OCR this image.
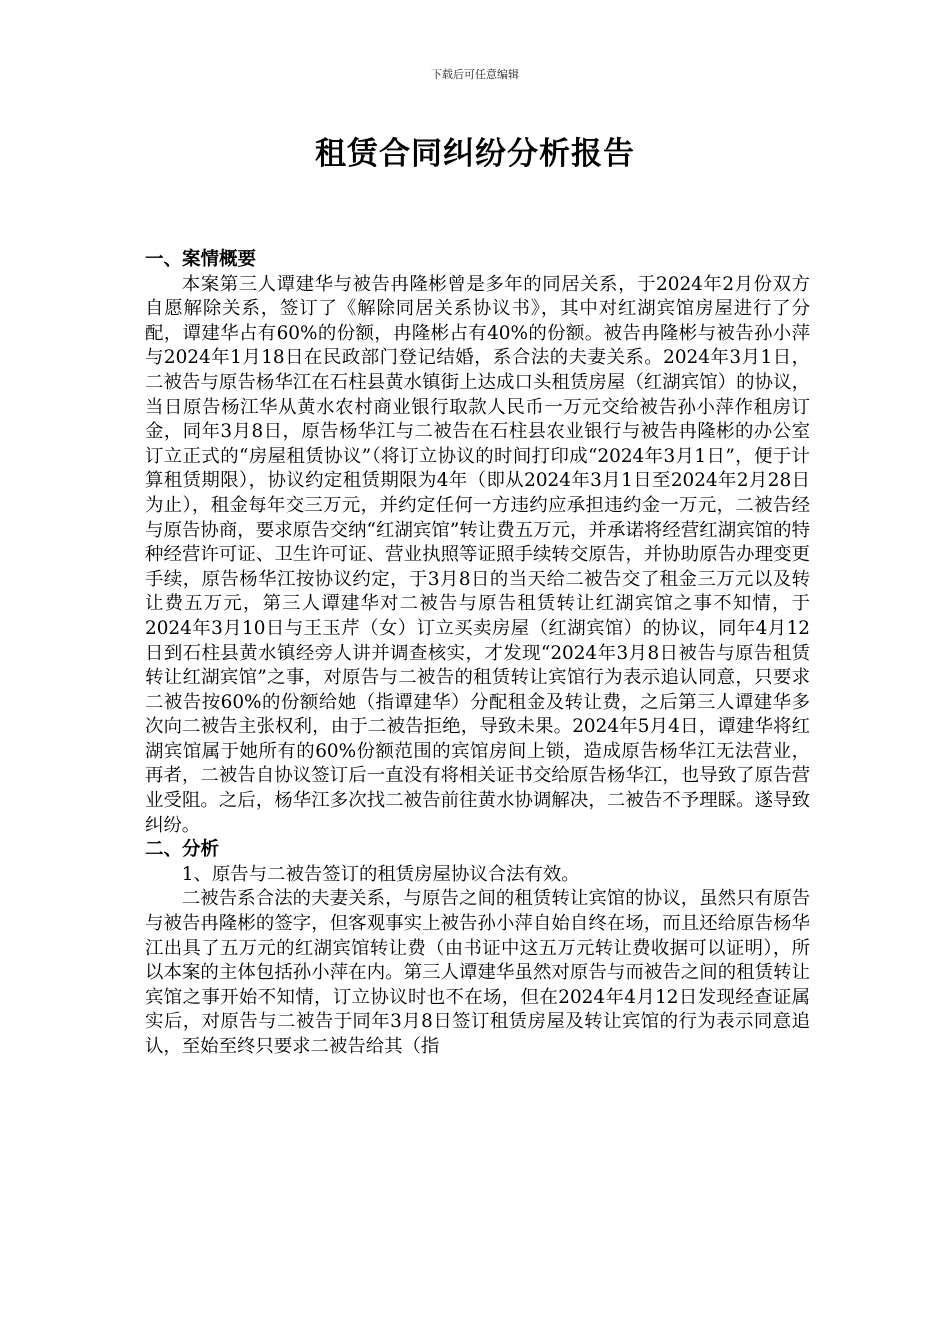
下载后可任意编辑
租赁合同纠纷分析报告
一、案情概要

本案第三人谭建华与被告冉隆彬曾是多年的同居关系，于2024年2月份双方自愿解除关系，签订了《解除同居关系协议书》，其中对红湖宾馆房屋进行了分配，谭建华占有60%的份额，冉隆彬占有40%的份额。被告冉隆彬与被告孙小萍与2024年1月18日在民政部门登记结婚，系合法的夫妻关系。2024年3月1日，二被告与原告杨华江在石柱县黄水镇街上达成口头租赁房屋（红湖宾馆）的协议，当日原告杨江华从黄水农村商业银行取款人民币一万元交给被告孙小萍作租房订金，同年3月8日，原告杨华江与二被告在石柱县农业银行与被告冉隆彬的办公室订立正式的“房屋租赁协议”（将订立协议的时间打印成“2024年3月1日”，便于计算租赁期限），协议约定租赁期限为4年（即从2024年3月1日至2024年2月28日为止），租金每年交三万元，并约定任何一方违约应承担违约金一万元，二被告经与原告协商，要求原告交纳“红湖宾馆”转让费五万元，并承诺将经营红湖宾馆的特种经营许可证、卫生许可证、营业执照等证照手续转交原告，并协助原告办理变更手续，原告杨华江按协议约定，于3月8日的当天给二被告交了租金三万元以及转让费五万元，第三人谭建华对二被告与原告租赁转让红湖宾馆之事不知情，于2024年3月10日与王玉芹（女）订立买卖房屋（红湖宾馆）的协议，同年4月12日到石柱县黄水镇经旁人讲并调查核实，才发现“2024年3月8日被告与原告租赁转让红湖宾馆”之事，对原告与二被告的租赁转让宾馆行为表示追认同意，只要求二被告按60%的份额给她（指谭建华）分配租金及转让费，之后第三人谭建华多次向二被告主张权利，由于二被告拒绝，导致未果。2024年5月4日，谭建华将红湖宾馆属于她所有的60%份额范围的宾馆房间上锁，造成原告杨华江无法营业，再者，二被告自协议签订后一直没有将相关证书交给原告杨华江，也导致了原告营业受阻。之后，杨华江多次找二被告前往黄水协调解决，二被告不予理睬。遂导致纠纷。

二、分析

1、原告与二被告签订的租赁房屋协议合法有效。

二被告系合法的夫妻关系，与原告之间的租赁转让宾馆的协议，虽然只有原告与被告冉隆彬的签字，但客观事实上被告孙小萍自始自终在场，而且还给原告杨华江出具了五万元的红湖宾馆转让费（由书证中这五万元转让费收据可以证明），所以本案的主体包括孙小萍在内。第三人谭建华虽然对原告与而被告之间的租赁转让宾馆之事开始不知情，订立协议时也不在场，但在2024年4月12日发现经查证属实后，对原告与二被告于同年3月8日签订租赁房屋及转让宾馆的行为表示同意追认，至始至终只要求二被告给其（指
